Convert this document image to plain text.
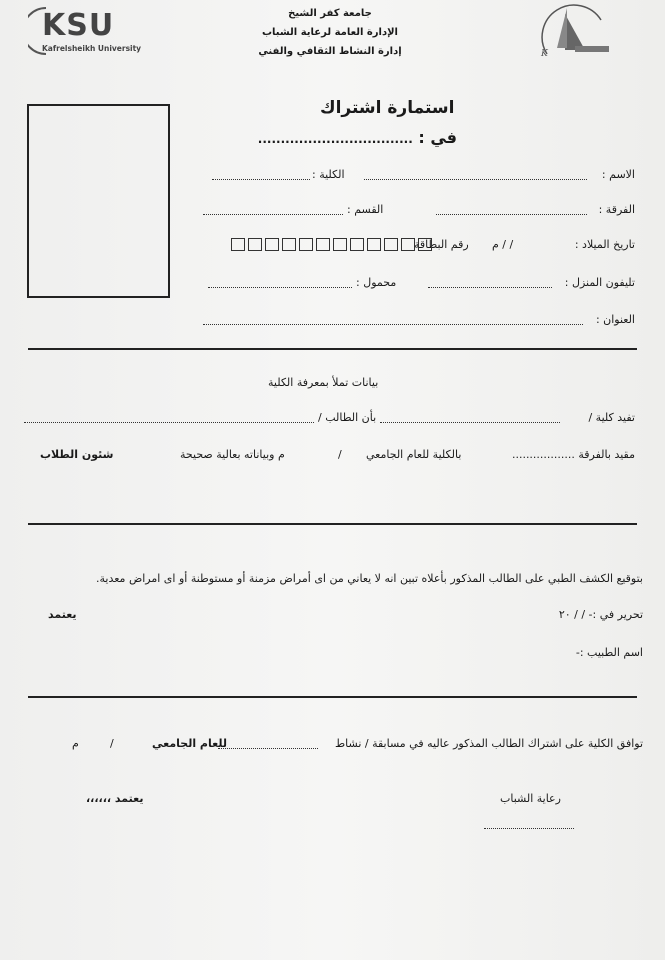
KSU
Kafrelsheikh University
جامعة كفر الشيخ
الإدارة العامة لرعاية الشباب
إدارة النشاط الثقافي والفني	K
استمارة اشتراك
في : ..................................
الاسم :
الكلية :
الفرقة :
القسم :
تاريخ الميلاد :
/ / م
رقم البطاقة
تليفون المنزل :
محمول :
العنوان :
بيانات تملأ بمعرفة الكلية
تفيد كلية /
بأن الطالب /
مقيد بالفرقة ..................
بالكلية للعام الجامعي
/
م وبياناته بعالية صحيحة
شئون الطلاب
بتوقيع الكشف الطبي على الطالب المذكور بأعلاه تبين انه لا يعاني من اى أمراض مزمنة أو مستوطنة أو اى امراض معدية.
تحرير في :- / / ٢٠
يعتمد
اسم الطبيب :-
توافق الكلية على اشتراك الطالب المذكور عاليه في مسابقة / نشاط
للعام الجامعي
/
م
رعاية الشباب
يعتمد ،،،،،،
